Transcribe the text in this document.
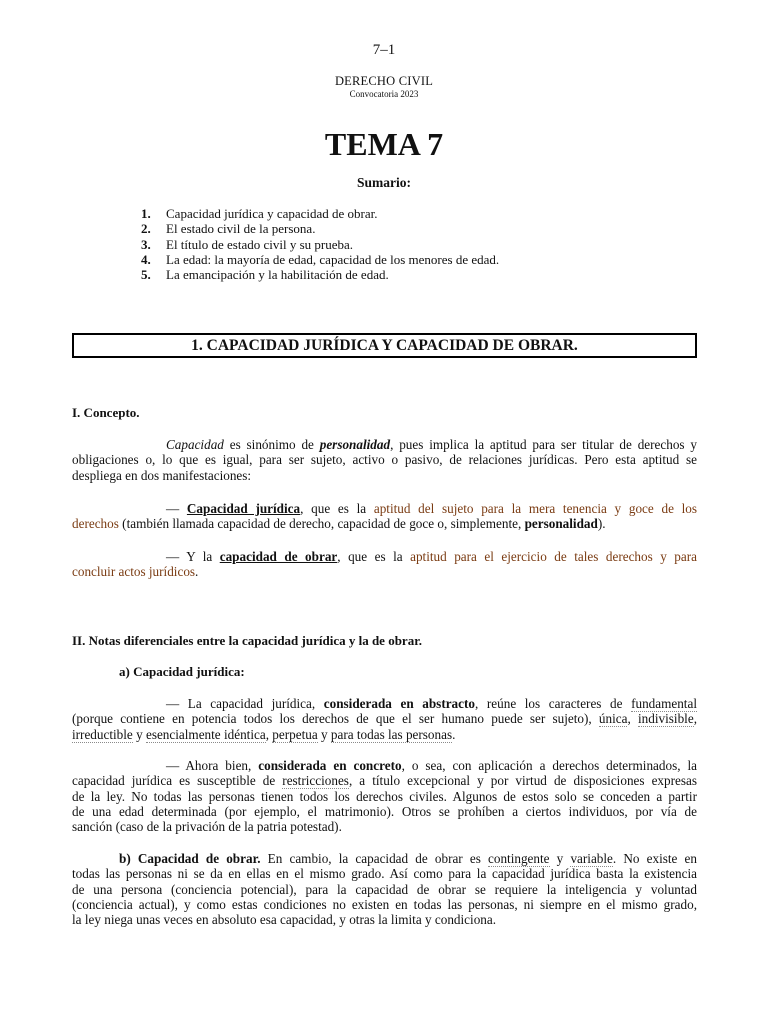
7–1
DERECHO CIVIL
Convocatoria 2023
TEMA 7
Sumario:
1. Capacidad jurídica y capacidad de obrar.
2. El estado civil de la persona.
3. El título de estado civil y su prueba.
4. La edad: la mayoría de edad, capacidad de los menores de edad.
5. La emancipación y la habilitación de edad.
1. CAPACIDAD JURÍDICA Y CAPACIDAD DE OBRAR.
I. Concepto.
Capacidad es sinónimo de personalidad, pues implica la aptitud para ser titular de derechos y
obligaciones o, lo que es igual, para ser sujeto, activo o pasivo, de relaciones jurídicas. Pero esta aptitud se
despliega en dos manifestaciones:
— Capacidad jurídica, que es la aptitud del sujeto para la mera tenencia y goce de los
derechos (también llamada capacidad de derecho, capacidad de goce o, simplemente, personalidad).
— Y la capacidad de obrar, que es la aptitud para el ejercicio de tales derechos y para
concluir actos jurídicos.
II. Notas diferenciales entre la capacidad jurídica y la de obrar.
a) Capacidad jurídica:
— La capacidad jurídica, considerada en abstracto, reúne los caracteres de fundamental
(porque contiene en potencia todos los derechos de que el ser humano puede ser sujeto), única, indivisible,
irreductible y esencialmente idéntica, perpetua y para todas las personas.
— Ahora bien, considerada en concreto, o sea, con aplicación a derechos determinados, la
capacidad jurídica es susceptible de restricciones, a título excepcional y por virtud de disposiciones expresas
de la ley. No todas las personas tienen todos los derechos civiles. Algunos de estos solo se conceden a partir
de una edad determinada (por ejemplo, el matrimonio). Otros se prohíben a ciertos individuos, por vía de
sanción (caso de la privación de la patria potestad).
b) Capacidad de obrar. En cambio, la capacidad de obrar es contingente y variable. No existe en
todas las personas ni se da en ellas en el mismo grado. Así como para la capacidad jurídica basta la existencia
de una persona (conciencia potencial), para la capacidad de obrar se requiere la inteligencia y voluntad
(conciencia actual), y como estas condiciones no existen en todas las personas, ni siempre en el mismo grado,
la ley niega unas veces en absoluto esa capacidad, y otras la limita y condiciona.
